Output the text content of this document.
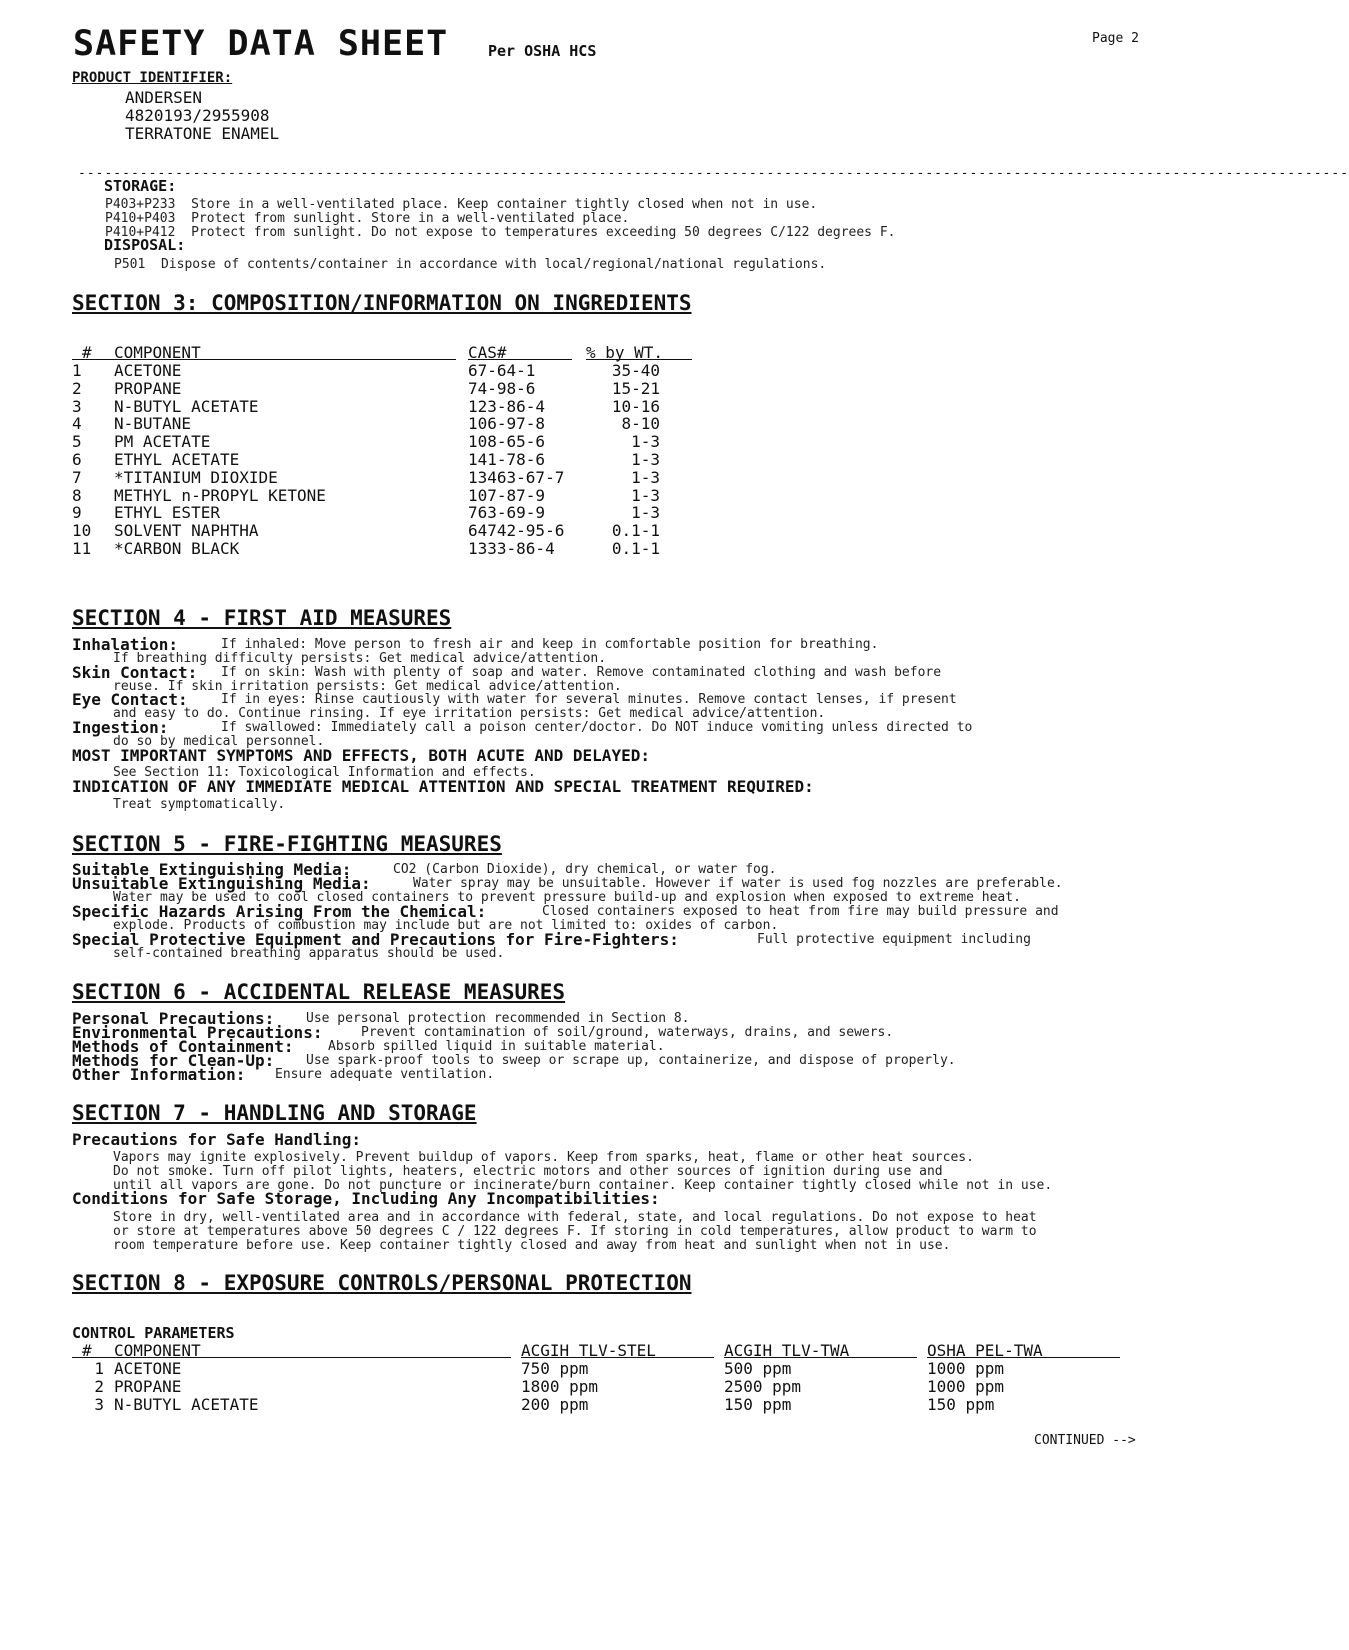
SAFETY DATA SHEET	Per OSHA HCS
Page 2
PRODUCT IDENTIFIER:
ANDERSEN
4820193/2955908
TERRATONE ENAMEL
------------------------------------------------------------------------------------------------------------------------------------------------
STORAGE:
P403+P233  Store in a well-ventilated place. Keep container tightly closed when not in use.
P410+P403  Protect from sunlight. Store in a well-ventilated place.
P410+P412  Protect from sunlight. Do not expose to temperatures exceeding 50 degrees C/122 degrees F.
DISPOSAL:
P501  Dispose of contents/container in accordance with local/regional/national regulations.
SECTION 3: COMPOSITION/INFORMATION ON INGREDIENTS
# COMPONENT	CAS#	% by WT.
1 ACETONE	67-64-1	35-40
2 PROPANE	74-98-6	15-21
3 N-BUTYL ACETATE	123-86-4	10-16
4 N-BUTANE	106-97-8	8-10
5 PM ACETATE	108-65-6	1-3
6 ETHYL ACETATE	141-78-6	1-3
7 *TITANIUM DIOXIDE	13463-67-7	1-3
8 METHYL n-PROPYL KETONE	107-87-9	1-3
9 ETHYL ESTER	763-69-9	1-3
10 SOLVENT NAPHTHA	64742-95-6	0.1-1
11 *CARBON BLACK	1333-86-4	0.1-1
SECTION 4 - FIRST AID MEASURES
Inhalation:	If inhaled: Move person to fresh air and keep in comfortable position for breathing.
If breathing difficulty persists: Get medical advice/attention.
Skin Contact: If on skin: Wash with plenty of soap and water. Remove contaminated clothing and wash before
reuse. If skin irritation persists: Get medical advice/attention.
Eye Contact:	If in eyes: Rinse cautiously with water for several minutes. Remove contact lenses, if present
and easy to do. Continue rinsing. If eye irritation persists: Get medical advice/attention.
Ingestion:	If swallowed: Immediately call a poison center/doctor. Do NOT induce vomiting unless directed to
do so by medical personnel.
MOST IMPORTANT SYMPTOMS AND EFFECTS, BOTH ACUTE AND DELAYED:
See Section 11: Toxicological Information and effects.
INDICATION OF ANY IMMEDIATE MEDICAL ATTENTION AND SPECIAL TREATMENT REQUIRED:
Treat symptomatically.
SECTION 5 - FIRE-FIGHTING MEASURES
Suitable Extinguishing Media:	CO2 (Carbon Dioxide), dry chemical, or water fog.
Unsuitable Extinguishing Media:	Water spray may be unsuitable. However if water is used fog nozzles are preferable.
Water may be used to cool closed containers to prevent pressure build-up and explosion when exposed to extreme heat.
Specific Hazards Arising From the Chemical:	Closed containers exposed to heat from fire may build pressure and
explode. Products of combustion may include but are not limited to: oxides of carbon.
Special Protective Equipment and Precautions for Fire-Fighters:	Full protective equipment including
self-contained breathing apparatus should be used.
SECTION 6 - ACCIDENTAL RELEASE MEASURES
Personal Precautions: Use personal protection recommended in Section 8.
Environmental Precautions:	Prevent contamination of soil/ground, waterways, drains, and sewers.
Methods of Containment:	Absorb spilled liquid in suitable material.
Methods for Clean-Up: Use spark-proof tools to sweep or scrape up, containerize, and dispose of properly.
Other Information: Ensure adequate ventilation.
SECTION 7 - HANDLING AND STORAGE
Precautions for Safe Handling:
Vapors may ignite explosively. Prevent buildup of vapors. Keep from sparks, heat, flame or other heat sources.
Do not smoke. Turn off pilot lights, heaters, electric motors and other sources of ignition during use and
until all vapors are gone. Do not puncture or incinerate/burn container. Keep container tightly closed while not in use.
Conditions for Safe Storage, Including Any Incompatibilities:
Store in dry, well-ventilated area and in accordance with federal, state, and local regulations. Do not expose to heat
or store at temperatures above 50 degrees C / 122 degrees F. If storing in cold temperatures, allow product to warm to
room temperature before use. Keep container tightly closed and away from heat and sunlight when not in use.
SECTION 8 - EXPOSURE CONTROLS/PERSONAL PROTECTION
CONTROL PARAMETERS
# COMPONENT	ACGIH TLV-STEL	ACGIH TLV-TWA	OSHA PEL-TWA
1 ACETONE	750 ppm	500 ppm	1000 ppm
2 PROPANE	1800 ppm	2500 ppm	1000 ppm
3 N-BUTYL ACETATE	200 ppm	150 ppm	150 ppm
CONTINUED -->
